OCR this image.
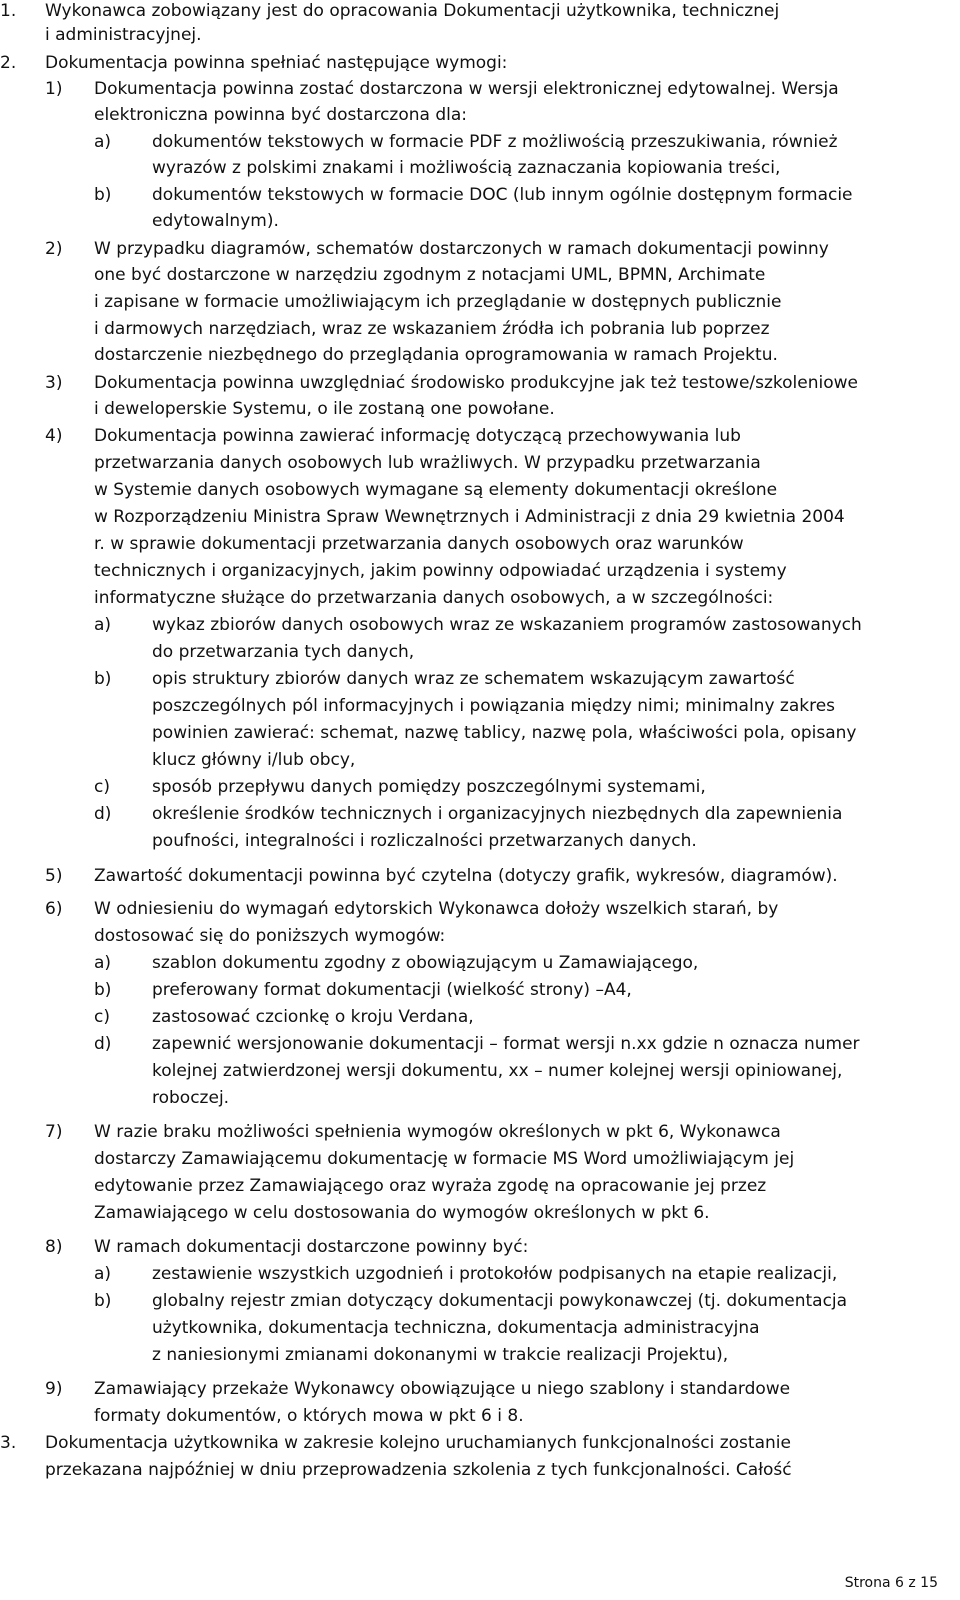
1. Wykonawca zobowiązany jest do opracowania Dokumentacji użytkownika, technicznej
i administracyjnej.
2. Dokumentacja powinna spełniać następujące wymogi:
1) Dokumentacja powinna zostać dostarczona w wersji elektronicznej edytowalnej. Wersja
elektroniczna powinna być dostarczona dla:
a) dokumentów tekstowych w formacie PDF z możliwością przeszukiwania, również
wyrazów z polskimi znakami i możliwością zaznaczania kopiowania treści,
b) dokumentów tekstowych w formacie DOC (lub innym ogólnie dostępnym formacie
edytowalnym).
2) W przypadku diagramów, schematów dostarczonych w ramach dokumentacji powinny
one być dostarczone w narzędziu zgodnym z notacjami UML, BPMN, Archimate
i zapisane w formacie umożliwiającym ich przeglądanie w dostępnych publicznie
i darmowych narzędziach, wraz ze wskazaniem źródła ich pobrania lub poprzez
dostarczenie niezbędnego do przeglądania oprogramowania w ramach Projektu.
3) Dokumentacja powinna uwzględniać środowisko produkcyjne jak też testowe/szkoleniowe
i deweloperskie Systemu, o ile zostaną one powołane.
4) Dokumentacja powinna zawierać informację dotyczącą przechowywania lub
przetwarzania danych osobowych lub wrażliwych. W przypadku przetwarzania
w Systemie danych osobowych wymagane są elementy dokumentacji określone
w Rozporządzeniu Ministra Spraw Wewnętrznych i Administracji z dnia 29 kwietnia 2004
r. w sprawie dokumentacji przetwarzania danych osobowych oraz warunków
technicznych i organizacyjnych, jakim powinny odpowiadać urządzenia i systemy
informatyczne służące do przetwarzania danych osobowych, a w szczególności:
a) wykaz zbiorów danych osobowych wraz ze wskazaniem programów zastosowanych
do przetwarzania tych danych,
b) opis struktury zbiorów danych wraz ze schematem wskazującym zawartość
poszczególnych pól informacyjnych i powiązania między nimi; minimalny zakres
powinien zawierać: schemat, nazwę tablicy, nazwę pola, właściwości pola, opisany
klucz główny i/lub obcy,
c) sposób przepływu danych pomiędzy poszczególnymi systemami,
d) określenie środków technicznych i organizacyjnych niezbędnych dla zapewnienia
poufności, integralności i rozliczalności przetwarzanych danych.
5) Zawartość dokumentacji powinna być czytelna (dotyczy grafik, wykresów, diagramów).
6) W odniesieniu do wymagań edytorskich Wykonawca dołoży wszelkich starań, by
dostosować się do poniższych wymogów:
a) szablon dokumentu zgodny z obowiązującym u Zamawiającego,
b) preferowany format dokumentacji (wielkość strony) –A4,
c) zastosować czcionkę o kroju Verdana,
d) zapewnić wersjonowanie dokumentacji – format wersji n.xx gdzie n oznacza numer
kolejnej zatwierdzonej wersji dokumentu, xx – numer kolejnej wersji opiniowanej,
roboczej.
7) W razie braku możliwości spełnienia wymogów określonych w pkt 6, Wykonawca
dostarczy Zamawiającemu dokumentację w formacie MS Word umożliwiającym jej
edytowanie przez Zamawiającego oraz wyraża zgodę na opracowanie jej przez
Zamawiającego w celu dostosowania do wymogów określonych w pkt 6.
8) W ramach dokumentacji dostarczone powinny być:
a) zestawienie wszystkich uzgodnień i protokołów podpisanych na etapie realizacji,
b) globalny rejestr zmian dotyczący dokumentacji powykonawczej (tj. dokumentacja
użytkownika, dokumentacja techniczna, dokumentacja administracyjna
z naniesionymi zmianami dokonanymi w trakcie realizacji Projektu),
9) Zamawiający przekaże Wykonawcy obowiązujące u niego szablony i standardowe
formaty dokumentów, o których mowa w pkt 6 i 8.
3. Dokumentacja użytkownika w zakresie kolejno uruchamianych funkcjonalności zostanie
przekazana najpóźniej w dniu przeprowadzenia szkolenia z tych funkcjonalności. Całość
Strona 6 z 15
